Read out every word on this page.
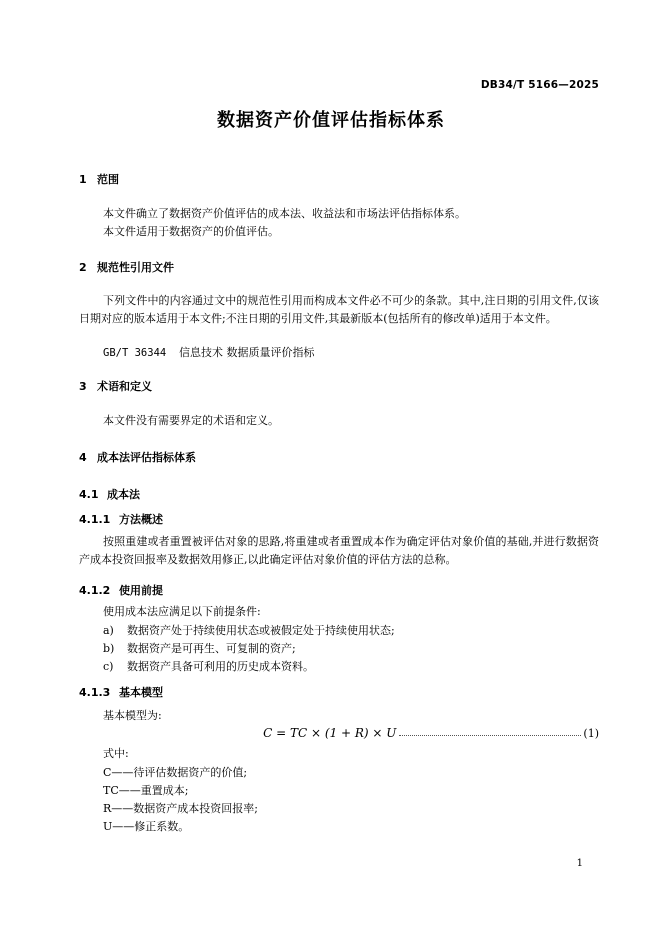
DB34/T 5166—2025
数据资产价值评估指标体系
1 范围
本文件确立了数据资产价值评估的成本法、收益法和市场法评估指标体系。
本文件适用于数据资产的价值评估。
2 规范性引用文件
下列文件中的内容通过文中的规范性引用而构成本文件必不可少的条款。其中,注日期的引用文件,仅该日期对应的版本适用于本文件;不注日期的引用文件,其最新版本(包括所有的修改单)适用于本文件。
GB/T 36344 信息技术 数据质量评价指标
3 术语和定义
本文件没有需要界定的术语和定义。
4 成本法评估指标体系
4.1 成本法
4.1.1 方法概述
按照重建或者重置被评估对象的思路,将重建或者重置成本作为确定评估对象价值的基础,并进行数据资产成本投资回报率及数据效用修正,以此确定评估对象价值的评估方法的总称。
4.1.2 使用前提
使用成本法应满足以下前提条件:
a) 数据资产处于持续使用状态或被假定处于持续使用状态;
b) 数据资产是可再生、可复制的资产;
c) 数据资产具备可利用的历史成本资料。
4.1.3 基本模型
基本模型为:
C = TC × (1 + R) × U	(1)
式中:
C——待评估数据资产的价值;
TC——重置成本;
R——数据资产成本投资回报率;
U——修正系数。
1
